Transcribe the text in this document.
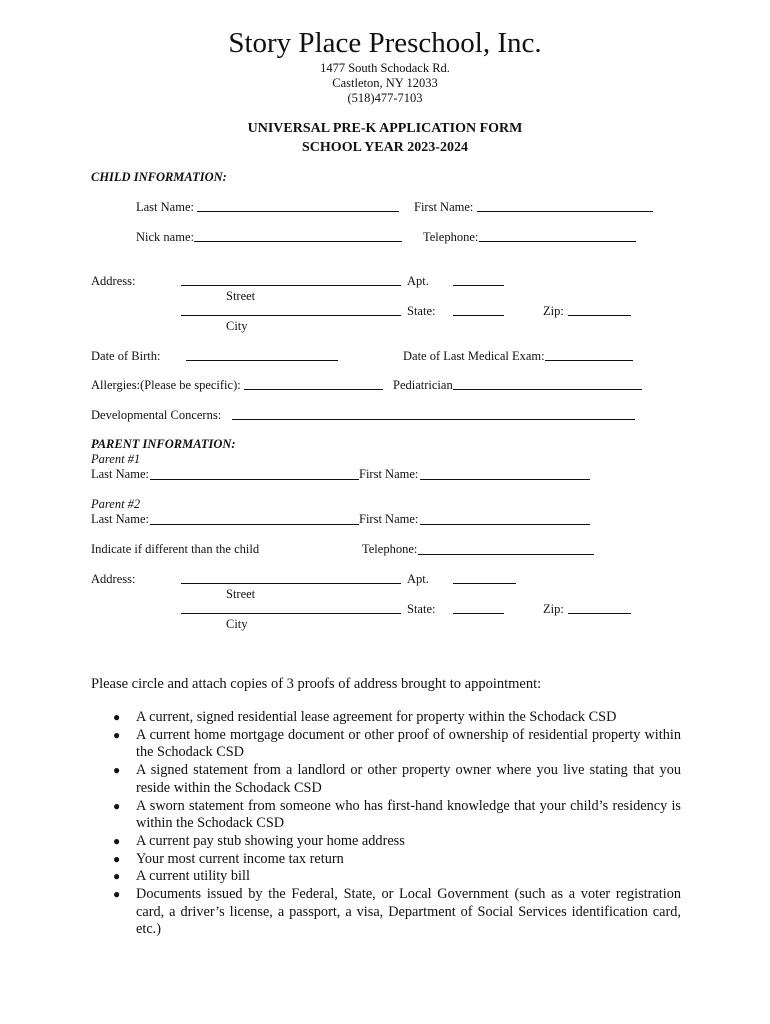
Story Place Preschool, Inc.
1477 South Schodack Rd.
Castleton, NY 12033
(518)477-7103
UNIVERSAL PRE-K APPLICATION FORM
SCHOOL YEAR 2023-2024
CHILD INFORMATION:
Last Name:	First Name:
Nick name:	Telephone:
Address:	Apt.
Street
State:	Zip:
City
Date of Birth:	Date of Last Medical Exam:
Allergies:(Please be specific):	Pediatrician
Developmental Concerns:
PARENT INFORMATION:
Parent #1
Last Name:	First Name:
Parent #2
Last Name:	First Name:
Indicate if different than the child	Telephone:
Address:	Apt.
Street
State:	Zip:
City
Please circle and attach copies of 3 proofs of address brought to appointment:
● A current, signed residential lease agreement for property within the Schodack CSD
● A current home mortgage document or other proof of ownership of residential property within the Schodack CSD
● A signed statement from a landlord or other property owner where you live stating that you reside within the Schodack CSD
● A sworn statement from someone who has first-hand knowledge that your child’s residency is within the Schodack CSD
● A current pay stub showing your home address
● Your most current income tax return
● A current utility bill
● Documents issued by the Federal, State, or Local Government (such as a voter registration card, a driver’s license, a passport, a visa, Department of Social Services identification card, etc.)
